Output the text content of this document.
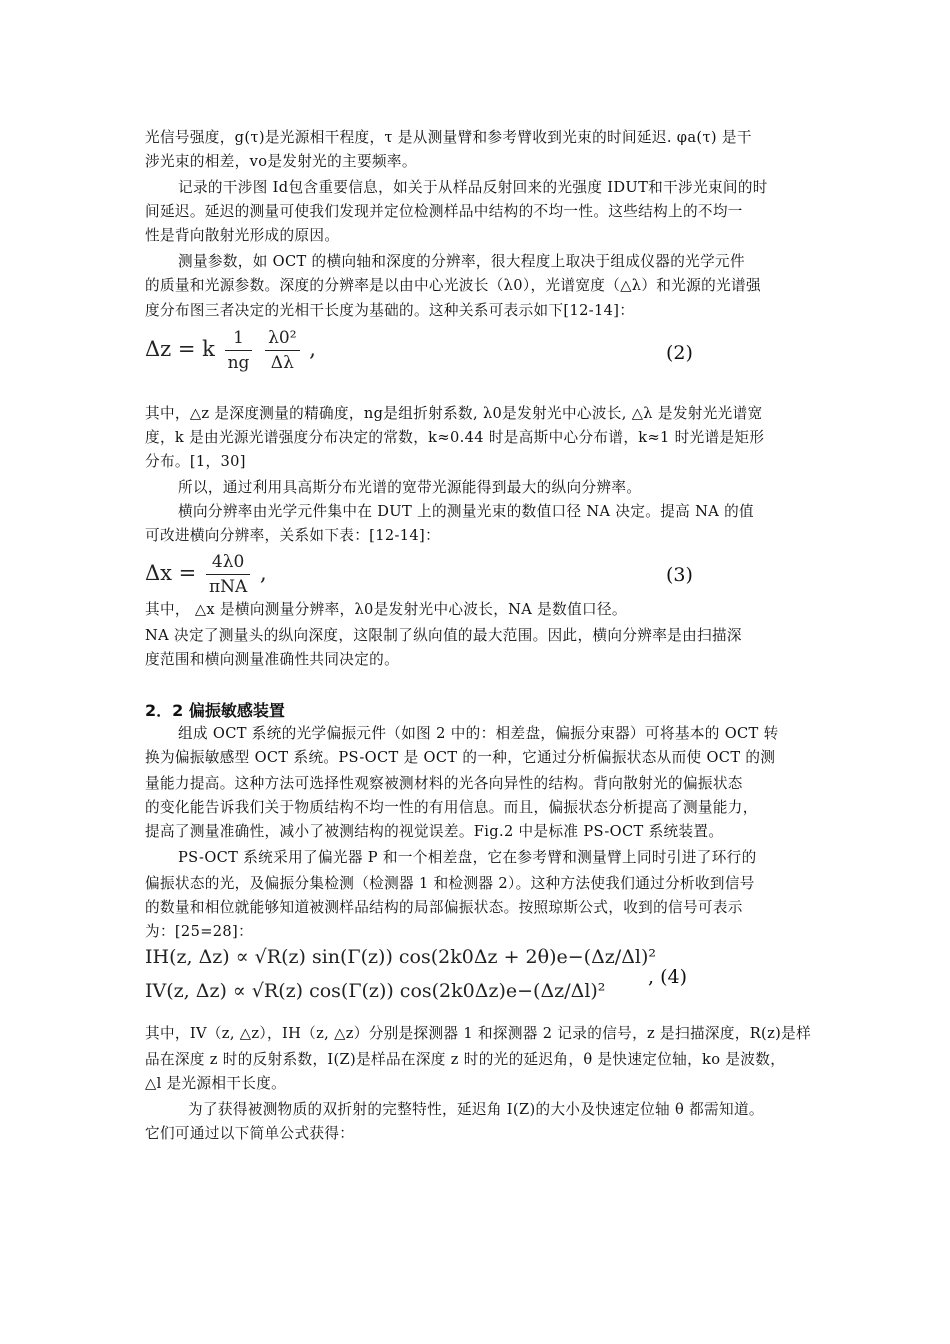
光信号强度，g(τ)是光源相干程度，τ 是从测量臂和参考臂收到光束的时间延迟. φa(τ) 是干
涉光束的相差，vo是发射光的主要频率。
记录的干涉图 Id包含重要信息，如关于从样品反射回来的光强度 IDUT和干涉光束间的时
间延迟。延迟的测量可使我们发现并定位检测样品中结构的不均一性。这些结构上的不均一
性是背向散射光形成的原因。
测量参数，如 OCT 的横向轴和深度的分辨率，很大程度上取决于组成仪器的光学元件
的质量和光源参数。深度的分辨率是以由中心光波长（λ0），光谱宽度（△λ）和光源的光谱强
度分布图三者决定的光相干长度为基础的。这种关系可表示如下[12-14]：
Δz = k $\frac{1}{ng}$
$\frac{\text{λ0²}}{\Delta\lambda}$ ,	(2)
其中，△z 是深度测量的精确度，ng是组折射系数, λ0是发射光中心波长, △λ 是发射光光谱宽
度，k 是由光源光谱强度分布决定的常数，k≈0.44 时是高斯中心分布谱，k≈1 时光谱是矩形
分布。[1，30]
所以，通过利用具高斯分布光谱的宽带光源能得到最大的纵向分辨率。
横向分辨率由光学元件集中在 DUT 上的测量光束的数值口径 NA 决定。提高 NA 的值
可改进横向分辨率，关系如下表：[12-14]：
$\Delta x = \frac{4\lambda 0}{\text{πNA}}$ ,	(3)
其中， △x 是横向测量分辨率，λ0是发射光中心波长，NA 是数值口径。
NA 决定了测量头的纵向深度，这限制了纵向值的最大范围。因此，横向分辨率是由扫描深
度范围和横向测量准确性共同决定的。
2．2 偏振敏感装置
组成 OCT 系统的光学偏振元件（如图 2 中的：相差盘，偏振分束器）可将基本的 OCT 转
换为偏振敏感型 OCT 系统。PS-OCT 是 OCT 的一种，它通过分析偏振状态从而使 OCT 的测
量能力提高。这种方法可选择性观察被测材料的光各向异性的结构。背向散射光的偏振状态
的变化能告诉我们关于物质结构不均一性的有用信息。而且，偏振状态分析提高了测量能力，
提高了测量准确性，减小了被测结构的视觉误差。Fig.2 中是标准 PS-OCT 系统装置。
PS-OCT 系统采用了偏光器 P 和一个相差盘，它在参考臂和测量臂上同时引进了环行的
偏振状态的光，及偏振分集检测（检测器 1 和检测器 2）。这种方法使我们通过分析收到信号
的数量和相位就能够知道被测样品结构的局部偏振状态。按照琼斯公式，收到的信号可表示
为：[25=28]：
IH(z, Δz) ∝ √R(z) sin(Γ(z)) cos(2k0Δz + 2θ)e−(Δz/Δl)²
IV(z, Δz) ∝ √R(z) cos(Γ(z)) cos(2k0Δz)e−(Δz/Δl)²
, (4)
其中，IV（z, △z），IH（z, △z）分别是探测器 1 和探测器 2 记录的信号，z 是扫描深度，R(z)是样
品在深度 z 时的反射系数，I(Z)是样品在深度 z 时的光的延迟角，θ 是快速定位轴，ko 是波数，
△l 是光源相干长度。
为了获得被测物质的双折射的完整特性，延迟角 I(Z)的大小及快速定位轴 θ 都需知道。
它们可通过以下简单公式获得：
